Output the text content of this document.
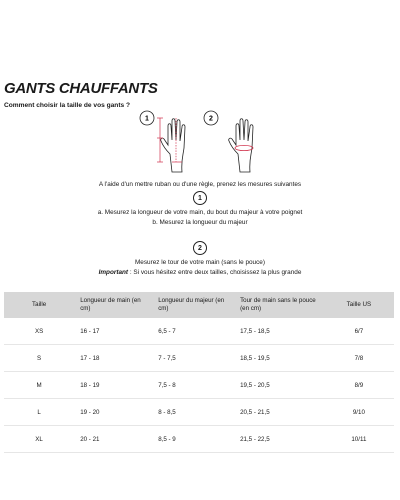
GANTS CHAUFFANTS
Comment choisir la taille de vos gants ?
1	2
A l'aide d'un mettre ruban ou d'une règle, prenez les mesures suivantes
1
a. Mesurez la longueur de votre main, du bout du majeur à votre poignet
b. Mesurez la longueur du majeur
2
Mesurez le tour de votre main (sans le pouce)
Important : Si vous hésitez entre deux tailles, choisissez la plus grande
Taille	Longueur de main (en cm)	Longueur du majeur (en cm)	Tour de main sans le pouce (en cm)	Taille US
XS	16 - 17	6,5 - 7	17,5 - 18,5	6/7
S	17 - 18	7 - 7,5	18,5 - 19,5	7/8
M	18 - 19	7,5 - 8	19,5 - 20,5	8/9
L	19 - 20	8 - 8,5	20,5 - 21,5	9/10
XL	20 - 21	8,5 - 9	21,5 - 22,5	10/11
